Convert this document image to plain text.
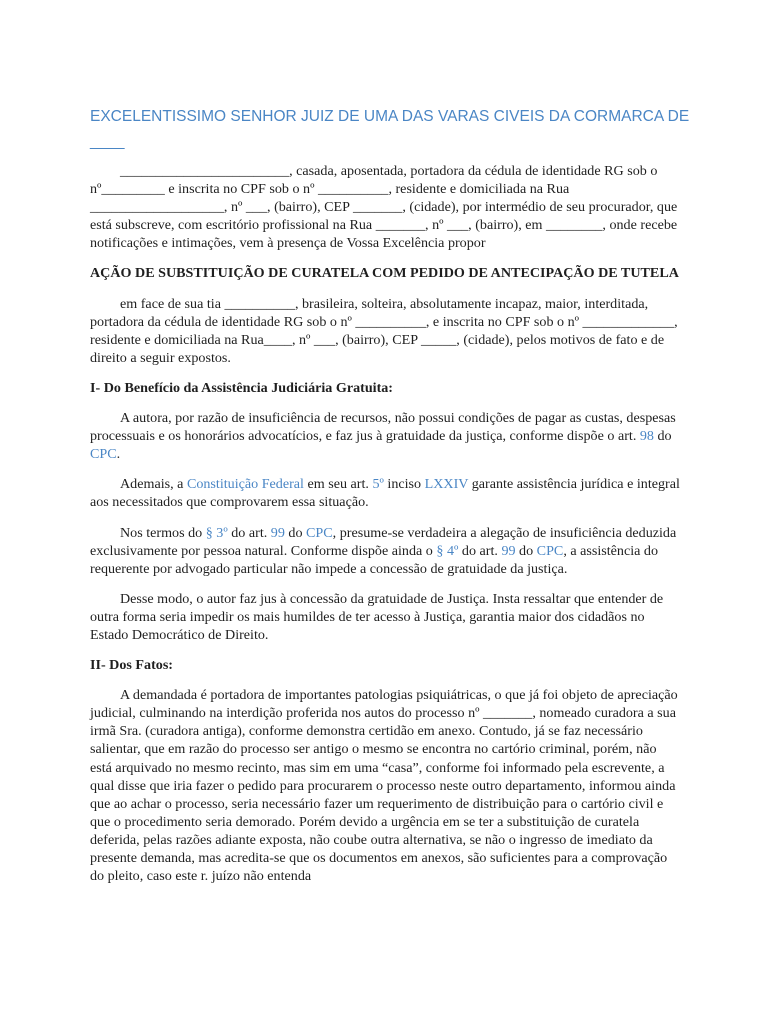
EXCELENTISSIMO SENHOR JUIZ DE UMA DAS VARAS CIVEIS DA CORMARCA DE
____

________________________, casada, aposentada, portadora da cédula de identidade RG sob o nº_________ e inscrita no CPF sob o nº __________, residente e domiciliada na Rua ___________________, nº ___, (bairro), CEP _______, (cidade), por intermédio de seu procurador, que está subscreve, com escritório profissional na Rua _______, nº ___, (bairro), em ________, onde recebe notificações e intimações, vem à presença de Vossa Excelência propor

AÇÃO DE SUBSTITUIÇÃO DE CURATELA COM PEDIDO DE ANTECIPAÇÃO DE TUTELA

em face de sua tia __________, brasileira, solteira, absolutamente incapaz, maior, interditada, portadora da cédula de identidade RG sob o nº __________, e inscrita no CPF sob o nº _____________, residente e domiciliada na Rua____, nº ___, (bairro), CEP _____, (cidade), pelos motivos de fato e de direito a seguir expostos.

I- Do Benefício da Assistência Judiciária Gratuita:

A autora, por razão de insuficiência de recursos, não possui condições de pagar as custas, despesas processuais e os honorários advocatícios, e faz jus à gratuidade da justiça, conforme dispõe o art. 98 do CPC.

Ademais, a Constituição Federal em seu art. 5º inciso LXXIV garante assistência jurídica e integral aos necessitados que comprovarem essa situação.

Nos termos do § 3º do art. 99 do CPC, presume-se verdadeira a alegação de insuficiência deduzida exclusivamente por pessoa natural. Conforme dispõe ainda o § 4º do art. 99 do CPC, a assistência do requerente por advogado particular não impede a concessão de gratuidade da justiça.

Desse modo, o autor faz jus à concessão da gratuidade de Justiça. Insta ressaltar que entender de outra forma seria impedir os mais humildes de ter acesso à Justiça, garantia maior dos cidadãos no Estado Democrático de Direito.

II- Dos Fatos:

A demandada é portadora de importantes patologias psiquiátricas, o que já foi objeto de apreciação judicial, culminando na interdição proferida nos autos do processo nº _______, nomeado curadora a sua irmã Sra. (curadora antiga), conforme demonstra certidão em anexo. Contudo, já se faz necessário salientar, que em razão do processo ser antigo o mesmo se encontra no cartório criminal, porém, não está arquivado no mesmo recinto, mas sim em uma “casa”, conforme foi informado pela escrevente, a qual disse que iria fazer o pedido para procurarem o processo neste outro departamento, informou ainda que ao achar o processo, seria necessário fazer um requerimento de distribuição para o cartório civil e que o procedimento seria demorado. Porém devido a urgência em se ter a substituição de curatela deferida, pelas razões adiante exposta, não coube outra alternativa, se não o ingresso de imediato da presente demanda, mas acredita-se que os documentos em anexos, são suficientes para a comprovação do pleito, caso este r. juízo não entenda
